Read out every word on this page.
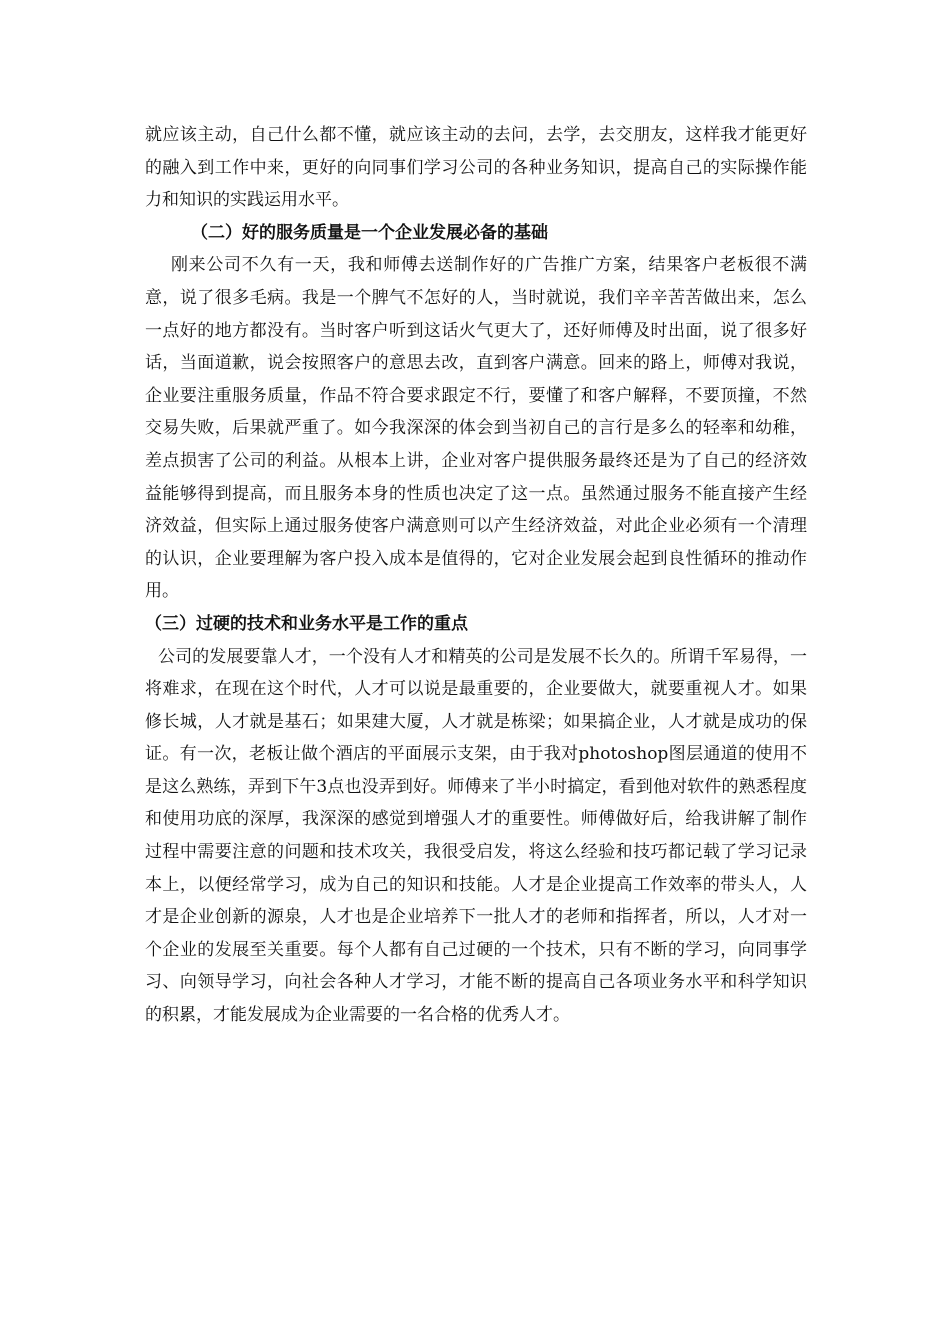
就应该主动，自己什么都不懂，就应该主动的去问，去学，去交朋友，这样我才能更好的融入到工作中来，更好的向同事们学习公司的各种业务知识，提高自己的实际操作能力和知识的实践运用水平。

（二）好的服务质量是一个企业发展必备的基础

刚来公司不久有一天，我和师傅去送制作好的广告推广方案，结果客户老板很不满意，说了很多毛病。我是一个脾气不怎好的人，当时就说，我们辛辛苦苦做出来，怎么一点好的地方都没有。当时客户听到这话火气更大了，还好师傅及时出面，说了很多好话，当面道歉，说会按照客户的意思去改，直到客户满意。回来的路上，师傅对我说，企业要注重服务质量，作品不符合要求跟定不行，要懂了和客户解释，不要顶撞，不然交易失败，后果就严重了。如今我深深的体会到当初自己的言行是多么的轻率和幼稚，差点损害了公司的利益。从根本上讲，企业对客户提供服务最终还是为了自己的经济效益能够得到提高，而且服务本身的性质也决定了这一点。虽然通过服务不能直接产生经济效益，但实际上通过服务使客户满意则可以产生经济效益，对此企业必须有一个清理的认识，企业要理解为客户投入成本是值得的，它对企业发展会起到良性循环的推动作用。

（三）过硬的技术和业务水平是工作的重点

公司的发展要靠人才，一个没有人才和精英的公司是发展不长久的。所谓千军易得，一将难求，在现在这个时代，人才可以说是最重要的，企业要做大，就要重视人才。如果修长城，人才就是基石；如果建大厦，人才就是栋梁；如果搞企业，人才就是成功的保证。有一次，老板让做个酒店的平面展示支架，由于我对photoshop图层通道的使用不是这么熟练，弄到下午3点也没弄到好。师傅来了半小时搞定，看到他对软件的熟悉程度和使用功底的深厚，我深深的感觉到增强人才的重要性。师傅做好后，给我讲解了制作过程中需要注意的问题和技术攻关，我很受启发，将这么经验和技巧都记载了学习记录本上，以便经常学习，成为自己的知识和技能。人才是企业提高工作效率的带头人，人才是企业创新的源泉，人才也是企业培养下一批人才的老师和指挥者，所以，人才对一个企业的发展至关重要。每个人都有自己过硬的一个技术，只有不断的学习，向同事学习、向领导学习，向社会各种人才学习，才能不断的提高自己各项业务水平和科学知识的积累，才能发展成为企业需要的一名合格的优秀人才。
